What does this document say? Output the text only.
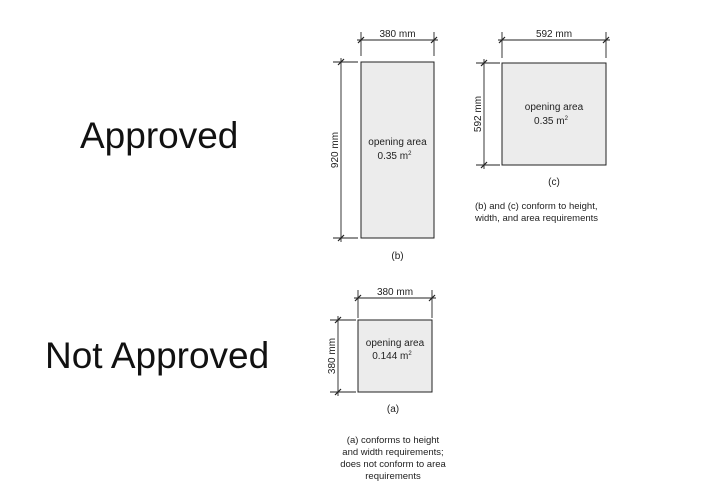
Approved
Not Approved
380 mm
920 mm	opening area
0.35 $m^2$
(b)
592 mm
592 mm	opening area
0.35 $m^2$
(c)
(b) and (c) conform to height,
width, and area requirements
380 mm
380 mm	opening area
0.144 $m^2$
(a)
(a) conforms to height
and width requirements;
does not conform to area
requirements
